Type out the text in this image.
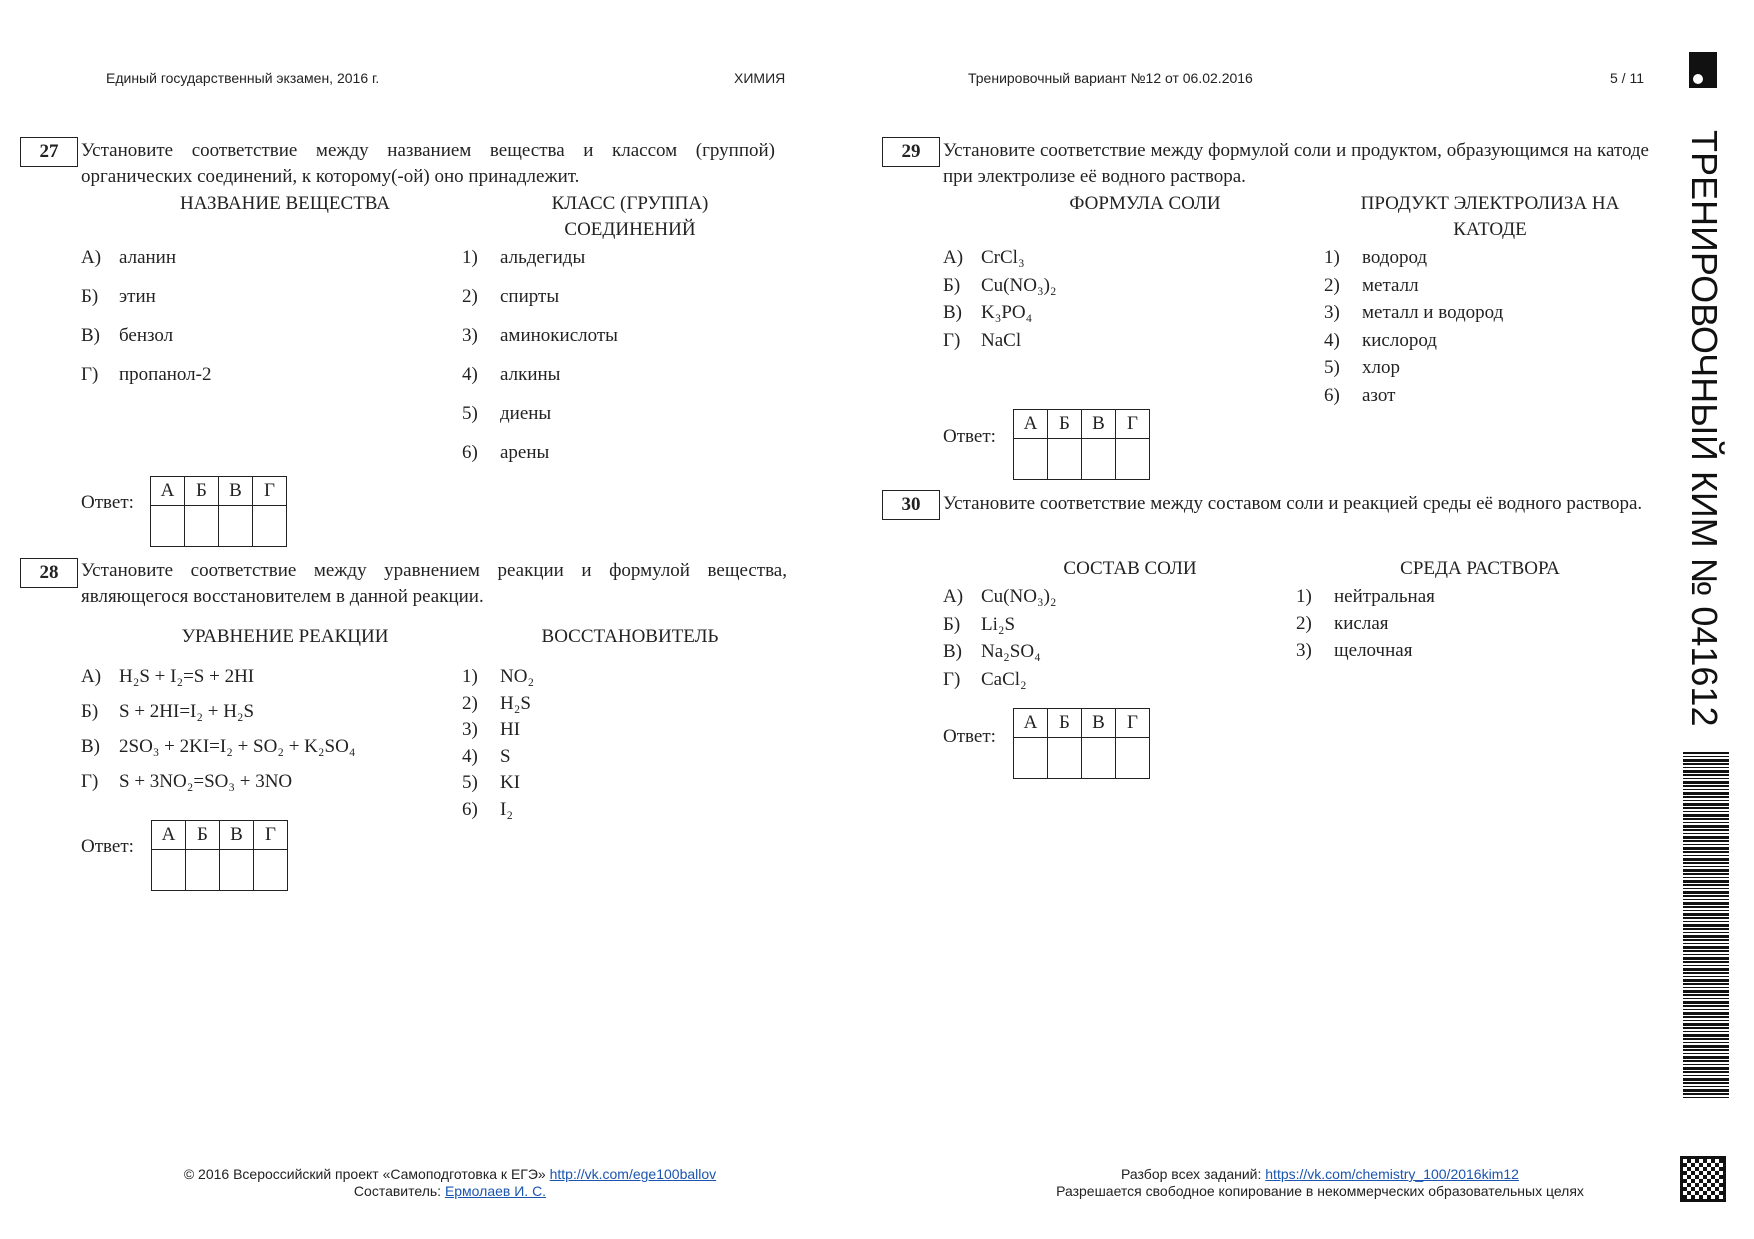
Единый государственный экзамен, 2016 г.	ХИМИЯ	Тренировочный вариант №12 от 06.02.2016	5 / 11
ТРЕНИРОВОЧНЫЙ КИМ № 041612
27	Установите соответствие между названием вещества и классом (группой) органических соединений, к которому(-ой) оно принадлежит.
НАЗВАНИЕ ВЕЩЕСТВА	КЛАСС (ГРУППА) СОЕДИНЕНИЙ
А) аланин
Б) этин
В) бензол
Г) пропанол-2
1) альдегиды
2) спирты
3) аминокислоты
4) алкины
5) диены
6) арены
Ответ:
А	Б	В	Г

28	Установите соответствие между уравнением реакции и формулой вещества, являющегося восстановителем в данной реакции.
УРАВНЕНИЕ РЕАКЦИИ	ВОССТАНОВИТЕЛЬ
А) H₂S + I₂=S + 2HI
Б) S + 2HI=I₂ + H₂S
В) 2SO₃ + 2KI=I₂ + SO₂ + K₂SO₄
Г) S + 3NO₂=SO₃ + 3NO
1) NO₂
2) H₂S
3) HI
4) S
5) KI
6) I₂
Ответ:
А	Б	В	Г

29	Установите соответствие между формулой соли и продуктом, образующимся на катоде при электролизе её водного раствора.
ФОРМУЛА СОЛИ	ПРОДУКТ ЭЛЕКТРОЛИЗА НА КАТОДЕ
А) CrCl₃
Б) Cu(NO₃)₂
В) K₃PO₄
Г) NaCl
1) водород
2) металл
3) металл и водород
4) кислород
5) хлор
6) азот
Ответ:
А	Б	В	Г

30	Установите соответствие между составом соли и реакцией среды её водного раствора.
СОСТАВ СОЛИ	СРЕДА РАСТВОРА
А) Cu(NO₃)₂
Б) Li₂S
В) Na₂SO₄
Г) CaCl₂
1) нейтральная
2) кислая
3) щелочная
Ответ:
А	Б	В	Г

© 2016 Всероссийский проект «Самоподготовка к ЕГЭ» http://vk.com/ege100ballov
Составитель: Ермолаев И. С.
Разбор всех заданий: https://vk.com/chemistry_100/2016kim12
Разрешается свободное копирование в некоммерческих образовательных целях
